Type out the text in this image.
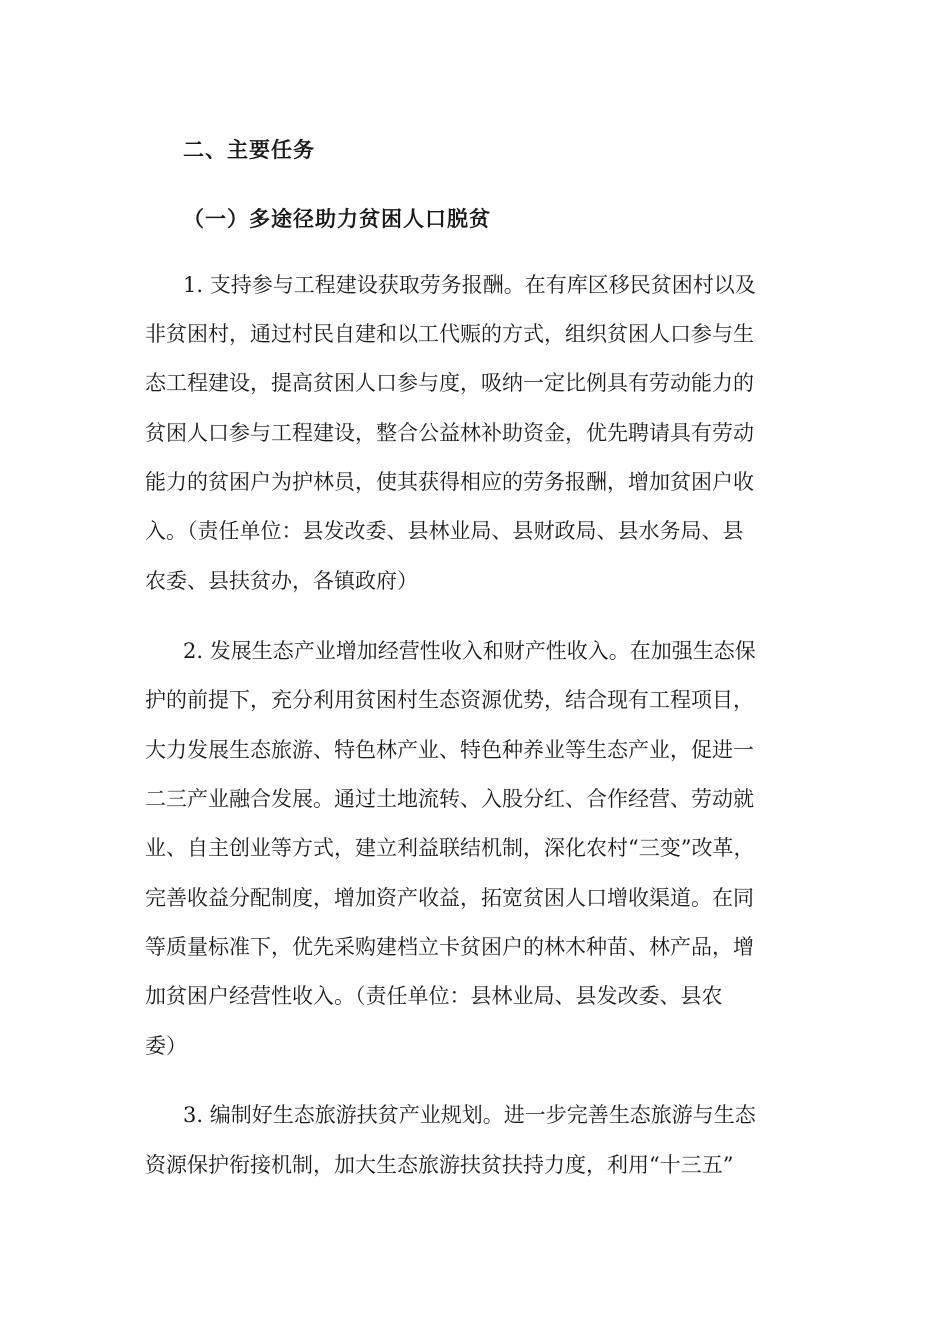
二、主要任务
（一）多途径助力贫困人口脱贫
1. 支持参与工程建设获取劳务报酬。在有库区移民贫困村以及
非贫困村，通过村民自建和以工代赈的方式，组织贫困人口参与生
态工程建设，提高贫困人口参与度，吸纳一定比例具有劳动能力的
贫困人口参与工程建设，整合公益林补助资金，优先聘请具有劳动
能力的贫困户为护林员，使其获得相应的劳务报酬，增加贫困户收
入。（责任单位：县发改委、县林业局、县财政局、县水务局、县
农委、县扶贫办，各镇政府）
2. 发展生态产业增加经营性收入和财产性收入。在加强生态保
护的前提下，充分利用贫困村生态资源优势，结合现有工程项目，
大力发展生态旅游、特色林产业、特色种养业等生态产业，促进一
二三产业融合发展。通过土地流转、入股分红、合作经营、劳动就
业、自主创业等方式，建立利益联结机制，深化农村“三变”改革，
完善收益分配制度，增加资产收益，拓宽贫困人口增收渠道。在同
等质量标准下，优先采购建档立卡贫困户的林木种苗、林产品，增
加贫困户经营性收入。（责任单位：县林业局、县发改委、县农
委）
3. 编制好生态旅游扶贫产业规划。进一步完善生态旅游与生态
资源保护衔接机制，加大生态旅游扶贫扶持力度，利用“十三五”
